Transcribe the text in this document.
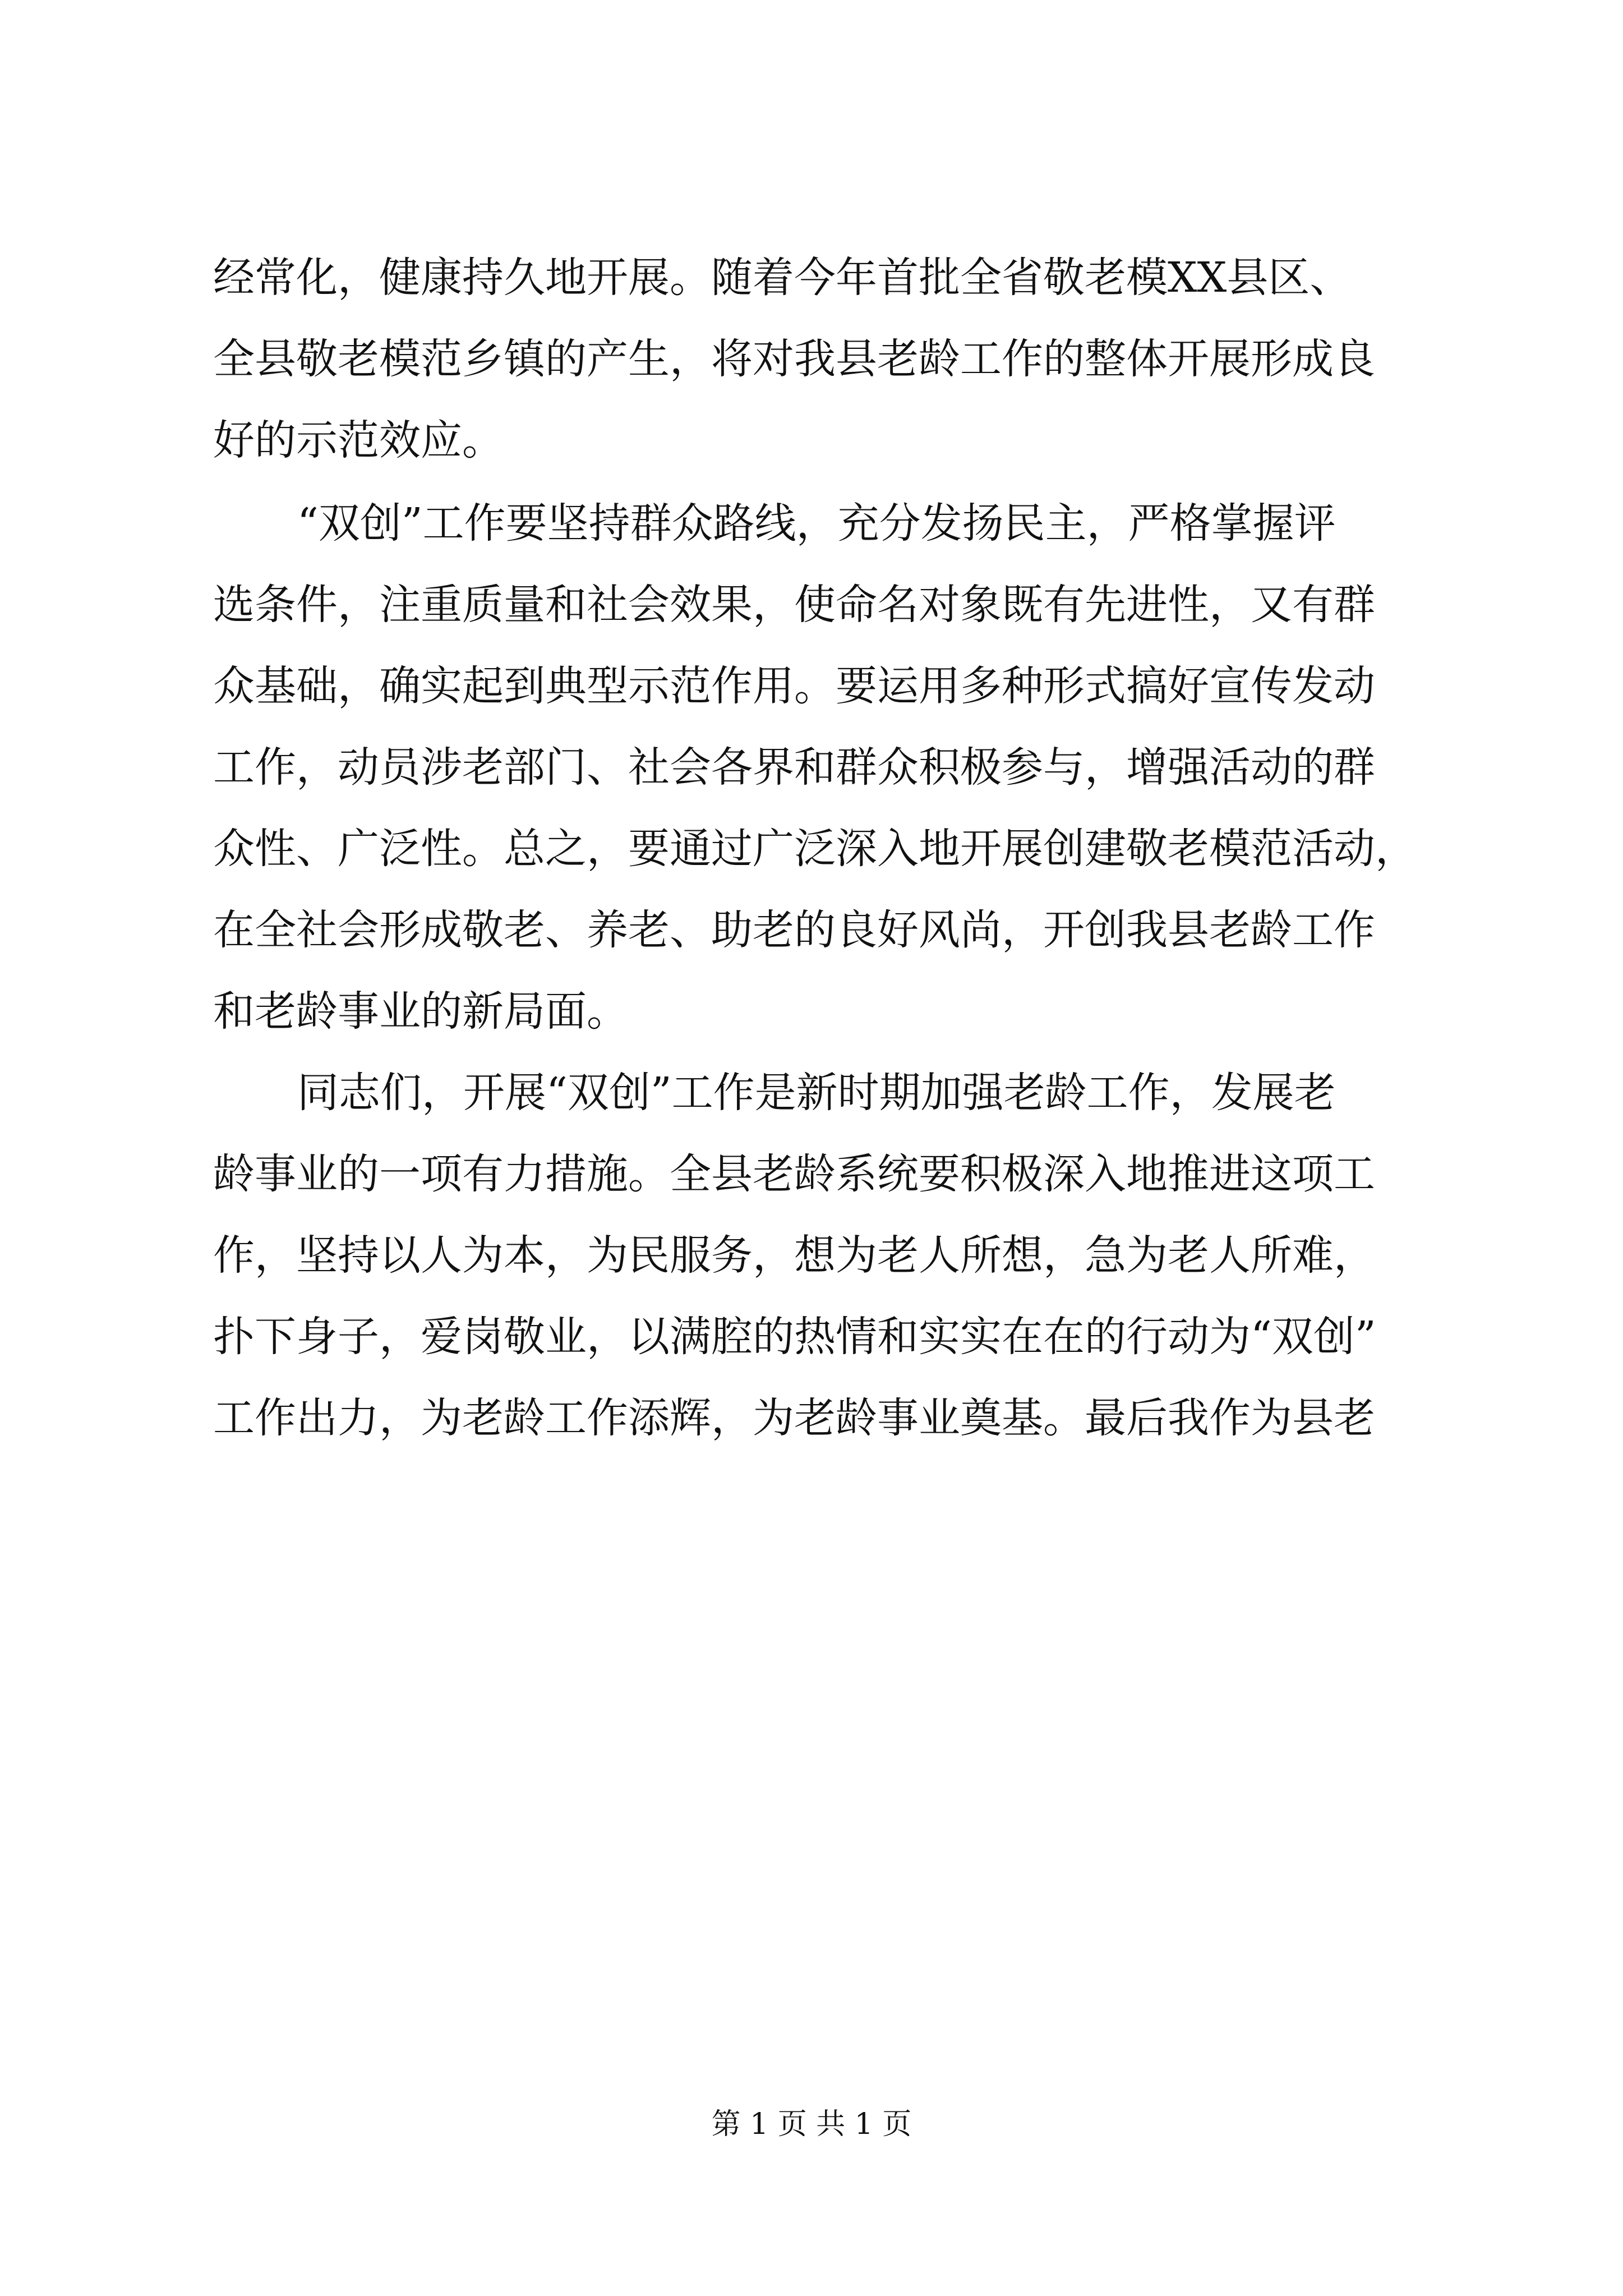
经常化，健康持久地开展。随着今年首批全省敬老模XX县区、
全县敬老模范乡镇的产生，将对我县老龄工作的整体开展形成良
好的示范效应。
“双创”工作要坚持群众路线，充分发扬民主，严格掌握评
选条件，注重质量和社会效果，使命名对象既有先进性，又有群
众基础，确实起到典型示范作用。要运用多种形式搞好宣传发动
工作，动员涉老部门、社会各界和群众积极参与，增强活动的群
众性、广泛性。总之，要通过广泛深入地开展创建敬老模范活动，
在全社会形成敬老、养老、助老的良好风尚，开创我县老龄工作
和老龄事业的新局面。
同志们，开展“双创”工作是新时期加强老龄工作，发展老
龄事业的一项有力措施。全县老龄系统要积极深入地推进这项工
作，坚持以人为本，为民服务，想为老人所想，急为老人所难，
扑下身子，爱岗敬业，以满腔的热情和实实在在的行动为“双创”
工作出力，为老龄工作添辉，为老龄事业奠基。最后我作为县老
第 1 页 共 1 页
